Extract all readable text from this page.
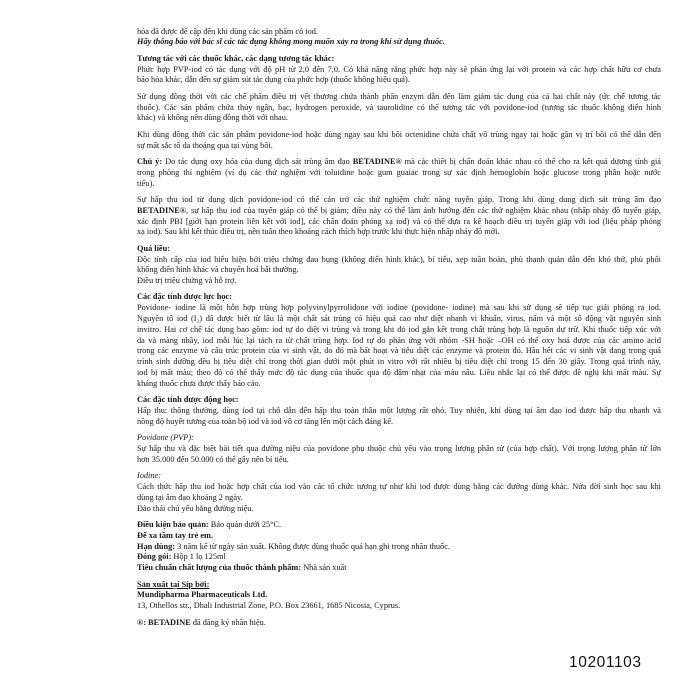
hóa đã được để cập đến khi dùng các sản phẩm có iod.
Hãy thông báo với bác sĩ các tác dụng không mong muốn xảy ra trong khi sử dụng thuốc.
Tương tác với các thuốc khác, các dạng tương tác khác:
Phức hợp PVP-iod có tác dụng với độ pH từ 2,0 đến 7,0. Có khả năng rằng phức hợp này sẽ phản ứng lại với protein và các hợp chất hữu cơ chưa
bão hòa khác, dẫn đến sự giảm sút tác dụng của phức hợp (thuốc không hiệu quả).
Sử dụng đồng thời với các chế phẩm điều trị vết thương chứa thành phần enzym dẫn đến làm giảm tác dụng của cả hai chất này (ức chế tương tác
thuốc). Các sản phẩm chứa thủy ngân, bạc, hydrogen peroxide, và taurolidine có thể tương tác với povidone-iod (tương tác thuốc không điển hình
khác) và không nên dùng đồng thời với nhau.
Khi dùng đồng thời các sản phẩm povidone-iod hoặc dùng ngay sau khi bôi octenidine chứa chất vô trùng ngay tại hoặc gần vị trí bôi có thể dẫn đến
sự mất sắc tố da thoáng qua tại vùng bôi.
Chú ý: Do tác dụng oxy hóa của dung dịch sát trùng âm đạo BETADINE® mà các thiết bị chẩn đoán khác nhau có thể cho ra kết quả dương tính giả
trong phòng thí nghiệm (ví dụ các thử nghiệm với toluidine hoặc gum guaiac trong sự xác định hemoglobin hoặc glucose trong phân hoặc nước
tiểu).
Sự hấp thu iod từ dung dịch povidone-iod có thể cản trở các thử nghiệm chức năng tuyến giáp. Trong khi dùng dung dịch sát trùng âm đạo
BETADINE®, sự hấp thu iod của tuyến giáp có thể bị giảm; điều này có thể làm ảnh hưởng đến các thử nghiệm khác nhau (nhấp nháy đồ tuyến giáp,
xác định PBI [giới hạn protein liên kết với iod], các chẩn đoán phóng xạ iod) và có thể dựa ra kế hoạch điều trị tuyến giáp với iod (liệu pháp phóng
xạ iod). Sau khi kết thúc điều trị, nên tuân theo khoảng cách thích hợp trước khi thực hiện nhấp nháy đồ mới.
Quá liều:
Độc tính cấp của iod biểu hiện bởi triệu chứng đau bụng (không điển hình khác), bí tiểu, xẹp tuần hoàn, phù thanh quản dẫn đến khó thở, phù phổi
không điển hình khác và chuyển hoá bất thường.
Điều trị triệu chứng và hỗ trợ.
Các đặc tính dược lực học:
Povidone- iodine là một hỗn hợp trùng hợp polyvinylpyrrolidone với iodine (povidone- iodine) mà sau khi sử dụng sẽ tiếp tục giải phóng ra iod.
Nguyên tố iod (I₂) đã được biết từ lâu là một chất sát trùng có hiệu quả cao như diệt nhanh vi khuẩn, virus, nấm và một số động vật nguyên sinh
invitro. Hai cơ chế tác dụng bao gồm: iod tự do diệt vi trùng và trong khi đó iod gắn kết trong chất trùng hợp là nguồn dự trữ. Khi thuốc tiếp xúc với
da và màng nhầy, iod mỗi lúc lại tách ra từ chất trùng hợp. Iod tự do phản ứng với nhóm -SH hoặc –OH có thể oxy hoá được của các amino acid
trong các enzyme và cấu trúc protein của vi sinh vật, do đó mà bất hoạt và tiêu diệt các enzyme và protein đó. Hầu hết các vi sinh vật đang trong quá
trình sinh dưỡng đều bị tiêu diệt chỉ trong thời gian dưới một phút in vitro với rất nhiều bị tiêu diệt chỉ trong 15 đến 30 giây. Trong quá trình này,
iod bị mất màu; theo đó có thể thấy mức độ tác dụng của thuốc qua độ đậm nhạt của màu nâu. Liều nhắc lại có thể được đề nghị khi mất màu. Sự
kháng thuốc chưa được thấy báo cáo.
Các đặc tính dược động học:
Hấp thu: thông thường, dùng iod tại chỗ dẫn đến hấp thu toàn thân một lượng rất nhỏ. Tuy nhiên, khi dùng tại âm đạo iod được hấp thu nhanh và
nồng độ huyết tương của toàn bộ iod và iod vô cơ tăng lên một cách đáng kể.
Povidone (PVP):
Sự hấp thu và đặc biệt bài tiết qua đường niệu của povidone phụ thuộc chủ yếu vào trọng lượng phân tử (của hợp chất). Với trọng lượng phân tử lớn
hơn 35.000 đến 50.000 có thể gây nên bí tiểu.
Iodine:
Cách thức hấp thu iod hoặc hợp chất của iod vào các tổ chức tương tự như khi iod được dùng bằng các đường dùng khác. Nửa đời sinh học sau khi
dùng tại âm đạo khoảng 2 ngày.
Đào thải chủ yếu bằng đường niệu.
Điều kiện bảo quản: Bảo quản dưới 25°C.
Để xa tầm tay trẻ em.
Hạn dùng: 3 năm kể từ ngày sản xuất. Không được dùng thuốc quá hạn ghi trong nhãn thuốc.
Đóng gói: Hộp 1 lọ 125ml
Tiêu chuẩn chất lượng của thuốc thành phẩm: Nhà sản xuất
Sản xuất tại Síp bởi:
Mundipharma Pharmaceuticals Ltd.
13, Othellos str., Dhali Industrial Zone, P.O. Box 23661, 1685 Nicosia, Cyprus.
®: BETADINE đã đăng ký nhãn hiệu.
10201103
